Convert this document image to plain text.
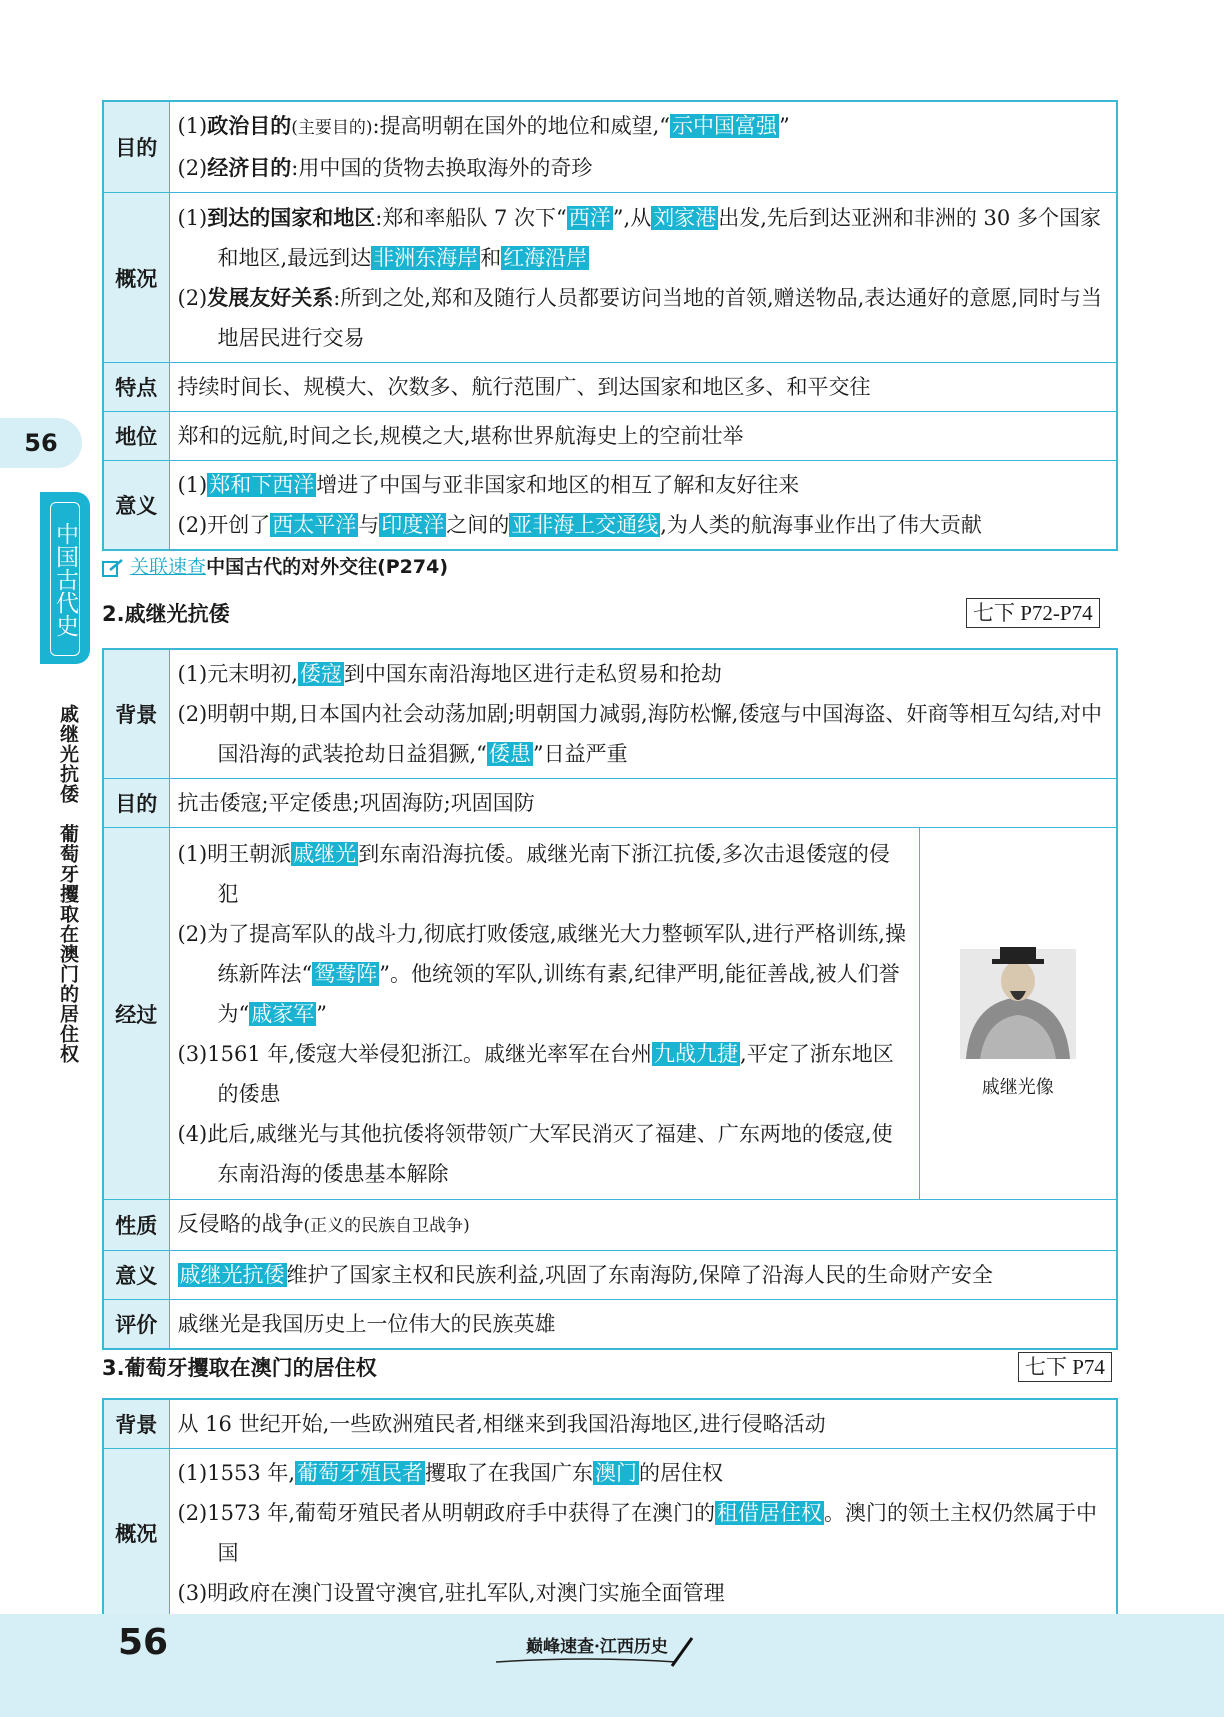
56
中国古代史
戚继光抗倭　葡萄牙攫取在澳门的居住权
目的	(1)政治目的(主要目的):提高明朝在国外的地位和威望,“示中国富强”
(2)经济目的:用中国的货物去换取海外的奇珍

概况	(1)到达的国家和地区:郑和率船队 7 次下“西洋”,从刘家港出发,先后到达亚洲和非洲的 30 多个国家和地区,最远到达非洲东海岸和红海沿岸
(2)发展友好关系:所到之处,郑和及随行人员都要访问当地的首领,赠送物品,表达通好的意愿,同时与当地居民进行交易

特点	持续时间长、规模大、次数多、航行范围广、到达国家和地区多、和平交往
地位	郑和的远航,时间之长,规模之大,堪称世界航海史上的空前壮举
意义	(1)郑和下西洋增进了中国与亚非国家和地区的相互了解和友好往来
(2)开创了西太平洋与印度洋之间的亚非海上交通线,为人类的航海事业作出了伟大贡献
关联速查中国古代的对外交往(P274)
2.戚继光抗倭	七下 P72-P74
背景	(1)元末明初,倭寇到中国东南沿海地区进行走私贸易和抢劫
(2)明朝中期,日本国内社会动荡加剧;明朝国力减弱,海防松懈,倭寇与中国海盗、奸商等相互勾结,对中国沿海的武装抢劫日益猖獗,“倭患”日益严重	

目的	抗击倭寇;平定倭患;巩固海防;巩固国防	
经过	(1)明王朝派戚继光到东南沿海抗倭。戚继光南下浙江抗倭,多次击退倭寇的侵犯
(2)为了提高军队的战斗力,彻底打败倭寇,戚继光大力整顿军队,进行严格训练,操练新阵法“鸳鸯阵”。他统领的军队,训练有素,纪律严明,能征善战,被人们誉为“戚家军”
(3)1561 年,倭寇大举侵犯浙江。戚继光率军在台州九战九捷,平定了浙东地区的倭患
(4)此后,戚继光与其他抗倭将领带领广大军民消灭了福建、广东两地的倭寇,使东南沿海的倭患基本解除	戚继光像

性质	反侵略的战争(正义的民族自卫战争)	
意义	戚继光抗倭维护了国家主权和民族利益,巩固了东南海防,保障了沿海人民的生命财产安全	
评价	戚继光是我国历史上一位伟大的民族英雄	
3.葡萄牙攫取在澳门的居住权	七下 P74
背景	从 16 世纪开始,一些欧洲殖民者,相继来到我国沿海地区,进行侵略活动
概况	(1)1553 年,葡萄牙殖民者攫取了在我国广东澳门的居住权
(2)1573 年,葡萄牙殖民者从明朝政府手中获得了在澳门的租借居住权。澳门的领土主权仍然属于中国
(3)明政府在澳门设置守澳官,驻扎军队,对澳门实施全面管理
56	巅峰速查·江西历史
